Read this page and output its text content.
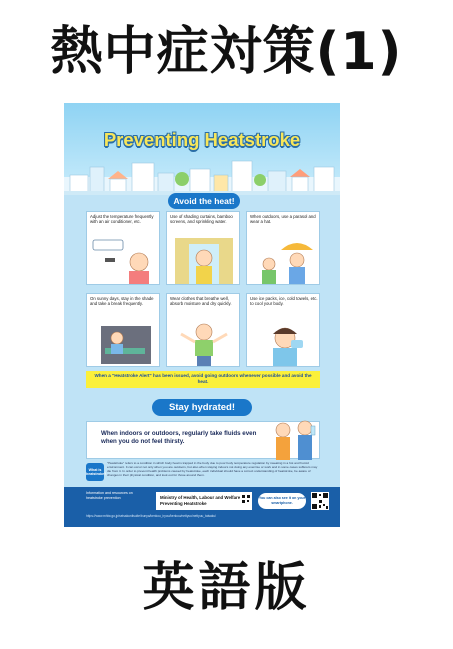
熱中症対策(1)
Preventing Heatstroke
Avoid the heat!
Adjust the temperature frequently with an air conditioner, etc.
Use of shading curtains, bamboo screens, and sprinkling water.
When outdoors, use a parasol and wear a hat.
On sunny days, stay in the shade and take a break frequently.
Wear clothes that breathe well, absorb moisture and dry quickly.
Use ice packs, ice, cold towels, etc. to cool your body.
When a "Heatstroke Alert" has been issued, avoid going outdoors whenever possible and avoid the heat.
Stay hydrated!
When indoors or outdoors, regularly take fluids even when you do not feel thirsty.
What is heatstroke?
"Heatstroke" refers to a condition in which body heat is trapped in the body due to poor body temperature regulation by sweating in a hot and humid environment. It can occur not only when you are outdoors, but also when staying indoors not doing any exercise or work and in some cases sufferers may die from it. In order to prevent health problems caused by heatstroke, each individual should have a correct understanding of heatstroke, be aware of changes in their physical condition, and look out for those around them.
Information and resources on heatstroke prevention	Ministry of Health, Labour and Welfare Preventing Heatstroke
You can also see it on your smartphone.
https://www.mhlw.go.jp/seisakunitsuite/bunya/kenkou_iryou/kenkou/nettyuu/nettyuu_taisaku/
英語版
